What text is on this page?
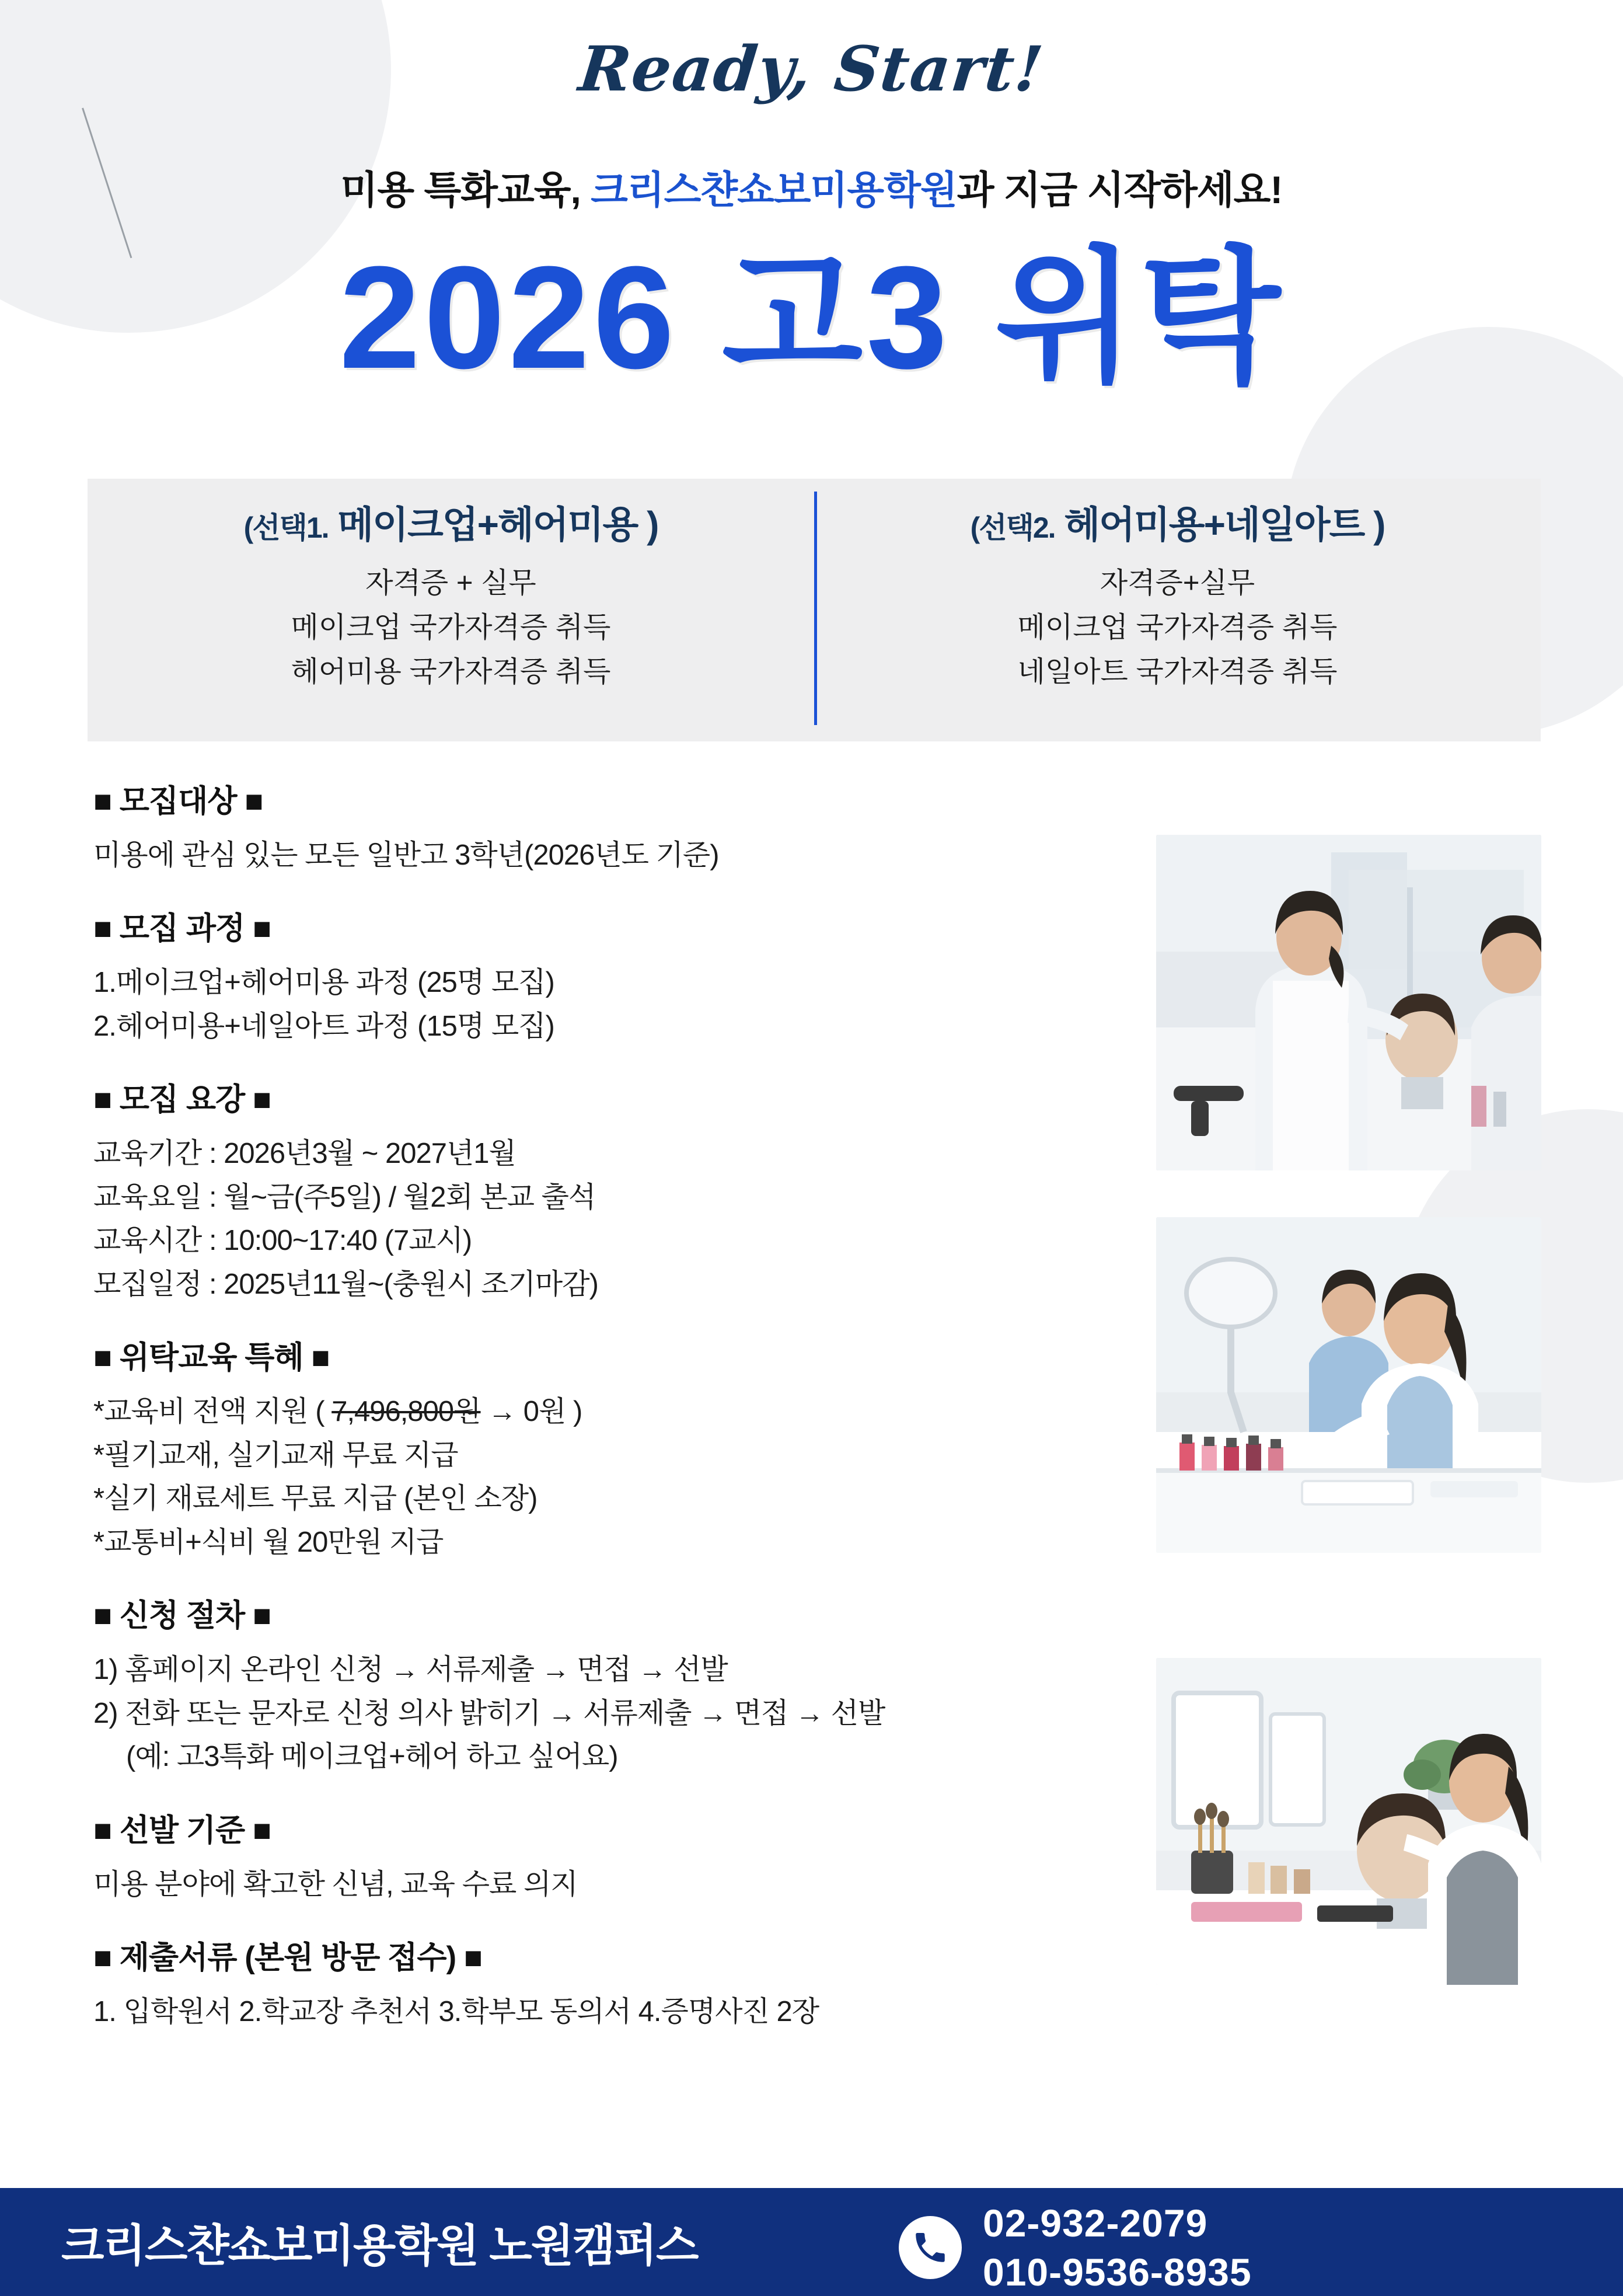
Ready, Start!
미용 특화교육, 크리스챤쇼보미용학원과 지금 시작하세요!
2026 고3 위탁
(선택1. 메이크업+헤어미용 )
자격증 + 실무
메이크업 국가자격증 취득
헤어미용 국가자격증 취득
(선택2. 헤어미용+네일아트 )
자격증+실무
메이크업 국가자격증 취득
네일아트 국가자격증 취득
■ 모집대상 ■
미용에 관심 있는 모든 일반고 3학년(2026년도 기준)
■ 모집 과정 ■
1.메이크업+헤어미용 과정 (25명 모집)
2.헤어미용+네일아트 과정 (15명 모집)
■ 모집 요강 ■
교육기간 : 2026년3월 ~ 2027년1월
교육요일 : 월~금(주5일) / 월2회 본교 출석
교육시간 : 10:00~17:40 (7교시)
모집일정 : 2025년11월~(충원시 조기마감)
■ 위탁교육 특혜 ■
*교육비 전액 지원 ( 7,496,800원 → 0원 )
*필기교재, 실기교재 무료 지급
*실기 재료세트 무료 지급 (본인 소장)
*교통비+식비 월 20만원 지급
■ 신청 절차 ■
1) 홈페이지 온라인 신청 → 서류제출 → 면접 → 선발
2) 전화 또는 문자로 신청 의사 밝히기 → 서류제출 → 면접 → 선발
(예: 고3특화 메이크업+헤어 하고 싶어요)
■ 선발 기준 ■
미용 분야에 확고한 신념, 교육 수료 의지
■ 제출서류 (본원 방문 접수) ■
1. 입학원서 2.학교장 추천서 3.학부모 동의서 4.증명사진 2장
크리스챤쇼보미용학원 노원캠퍼스	02-932-2079
010-9536-8935
